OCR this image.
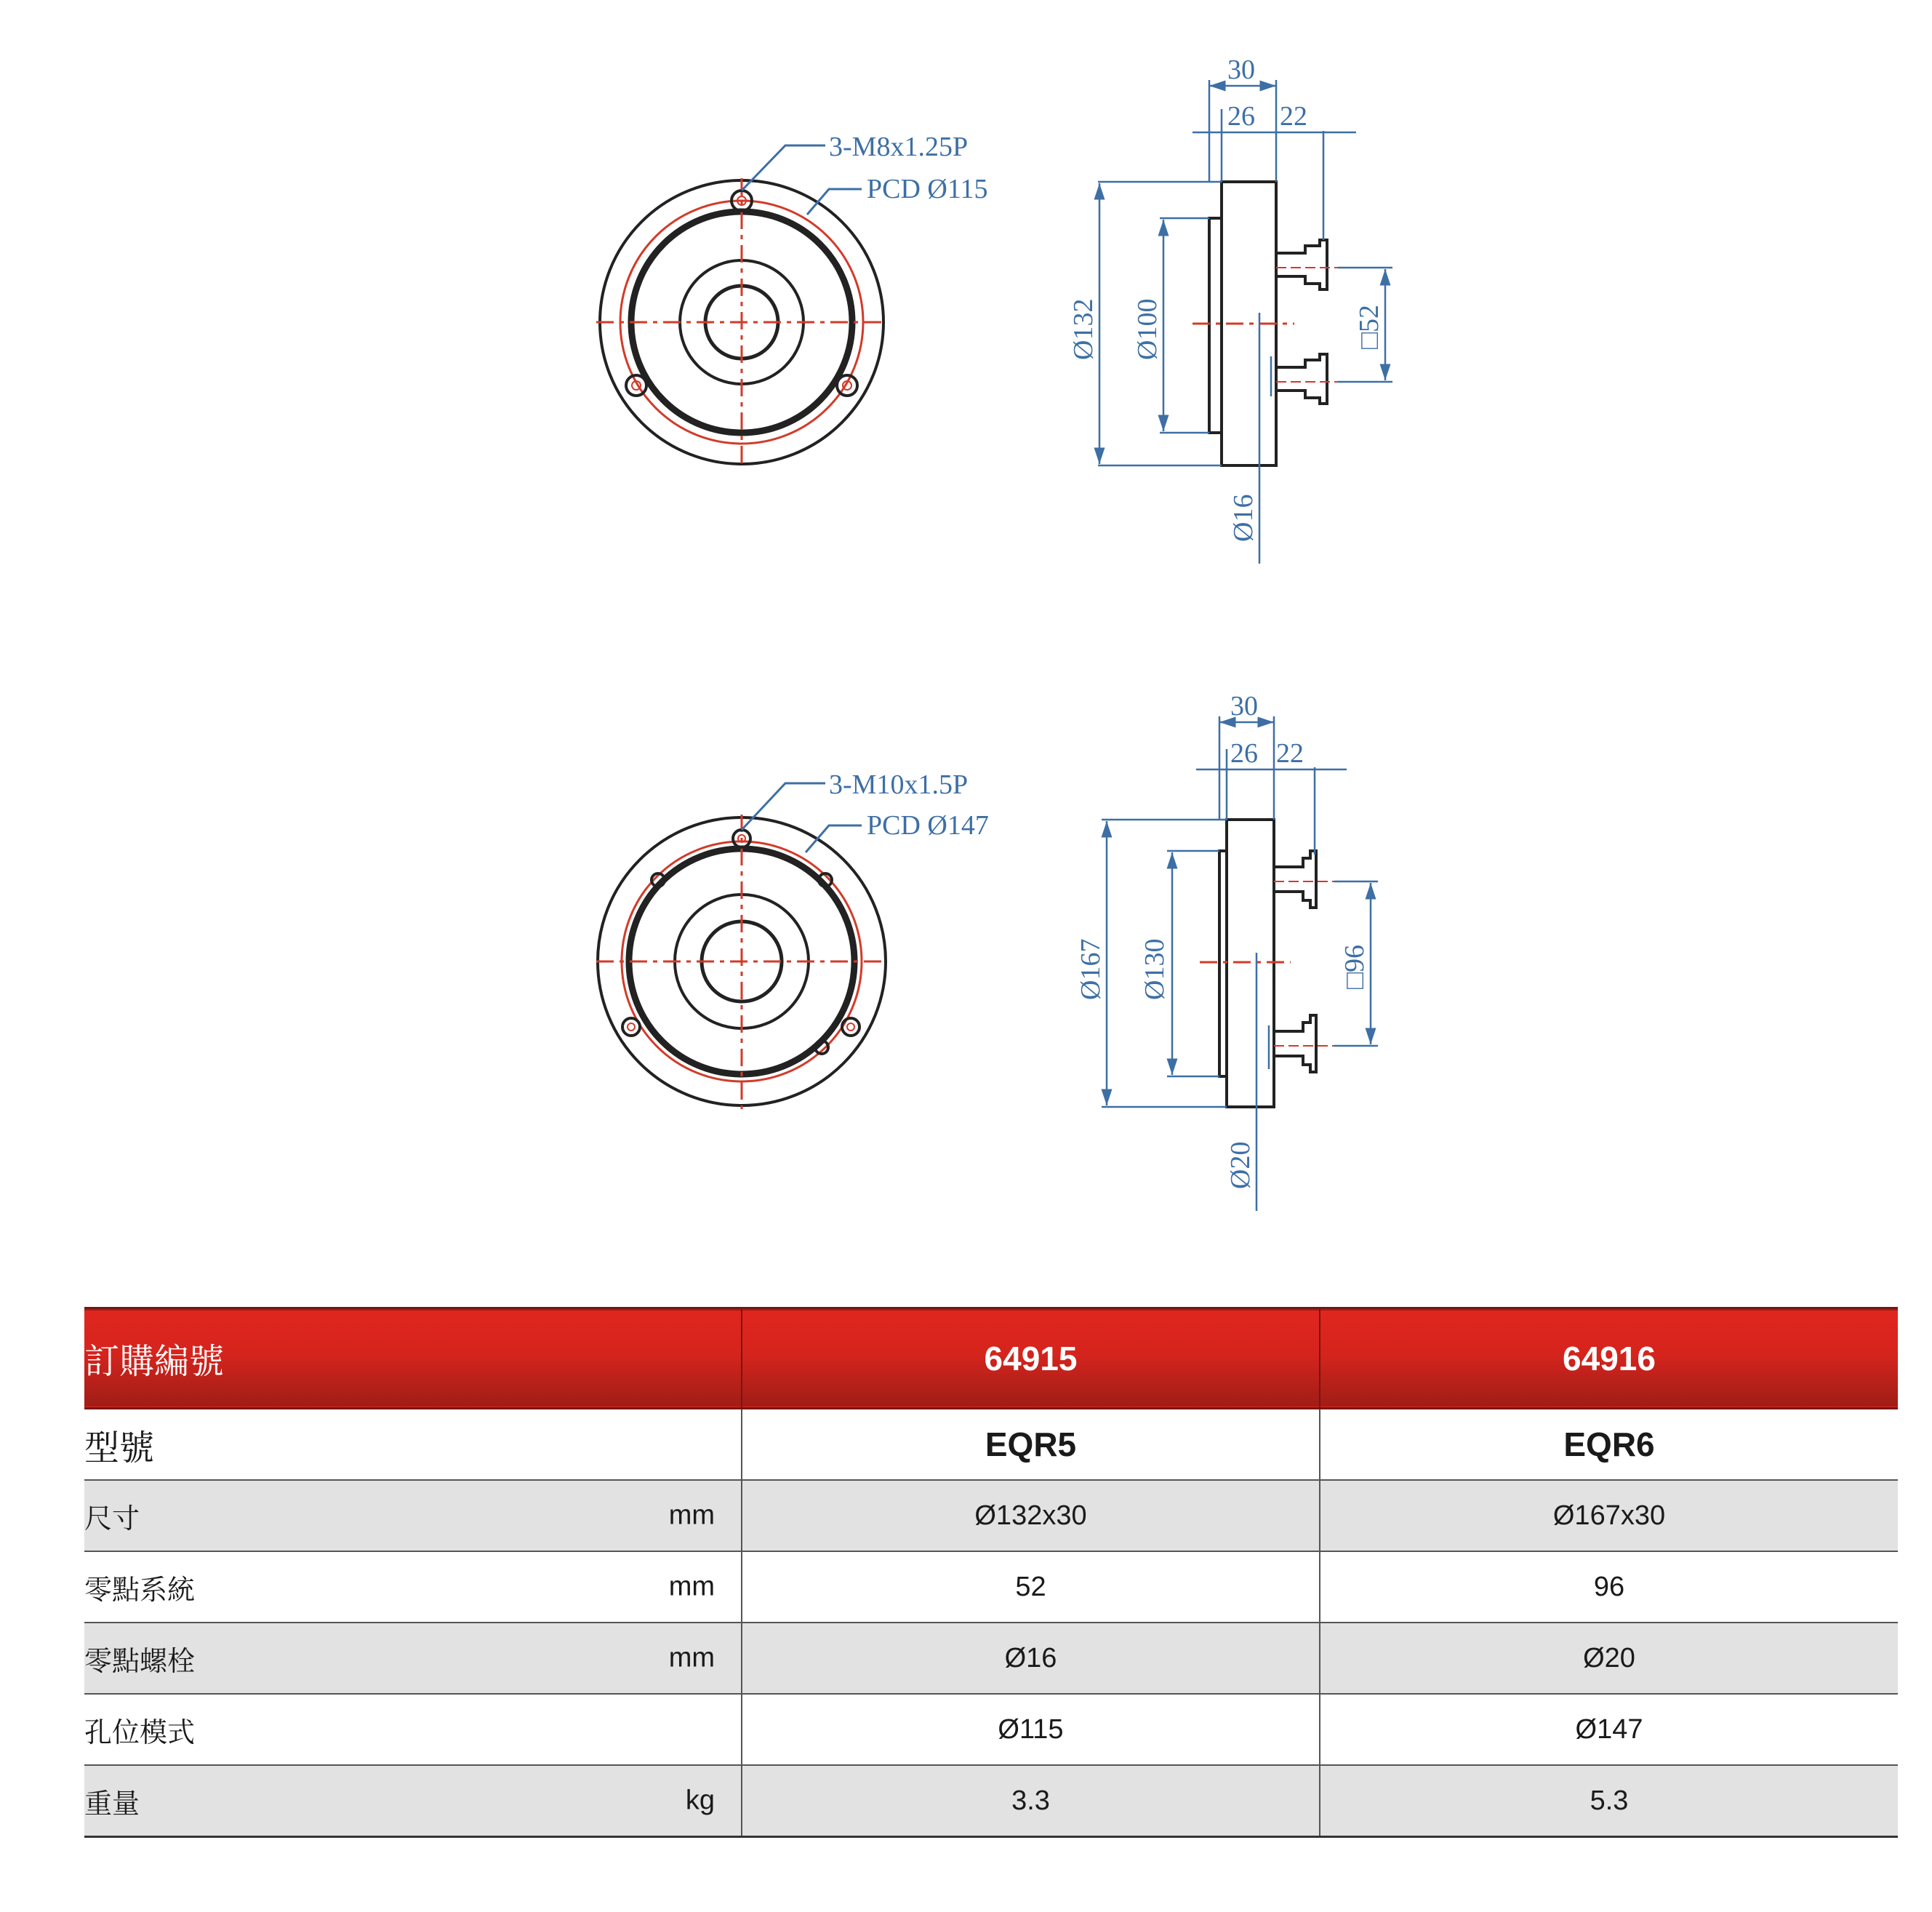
3-M8x1.25P
PCD Ø115
30
26 22
Ø132 Ø100	□52
Ø16
3-M10x1.5P
PCD Ø147
30
26 22
Ø167 Ø130	□96
Ø20
訂購編號	64915	64916
型號	EQR5	EQR6
尺寸 mm	Ø132x30	Ø167x30
零點系統 mm	52	96
零點螺栓 mm	Ø16	Ø20
孔位模式	Ø115	Ø147
重量 kg	3.3	5.3
